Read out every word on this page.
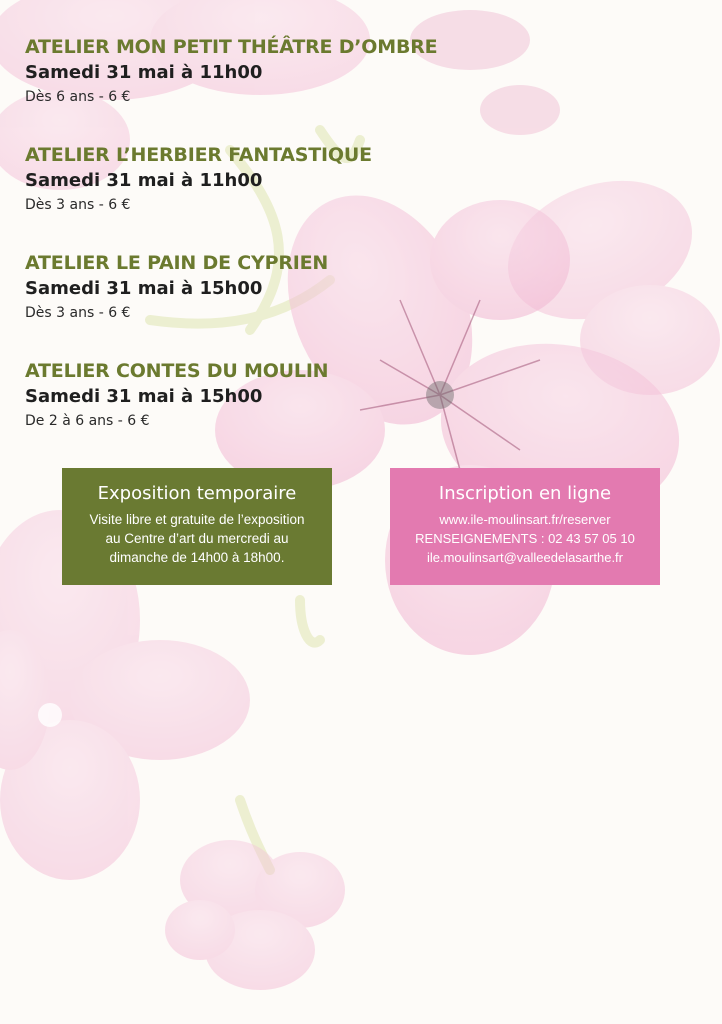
ATELIER MON PETIT THÉÂTRE D’OMBRE
Samedi 31 mai à 11h00
Dès 6 ans - 6 €
ATELIER L’HERBIER FANTASTIQUE
Samedi 31 mai à 11h00
Dès 3 ans - 6 €
ATELIER LE PAIN DE CYPRIEN
Samedi 31 mai à 15h00
Dès 3 ans - 6 €
ATELIER CONTES DU MOULIN
Samedi 31 mai à 15h00
De 2 à 6 ans - 6 €
Exposition temporaire
Visite libre et gratuite de l’exposition
au Centre d’art du mercredi au
dimanche de 14h00 à 18h00.
Inscription en ligne
www.ile-moulinsart.fr/reserver
RENSEIGNEMENTS : 02 43 57 05 10
ile.moulinsart@valleedelasarthe.fr
